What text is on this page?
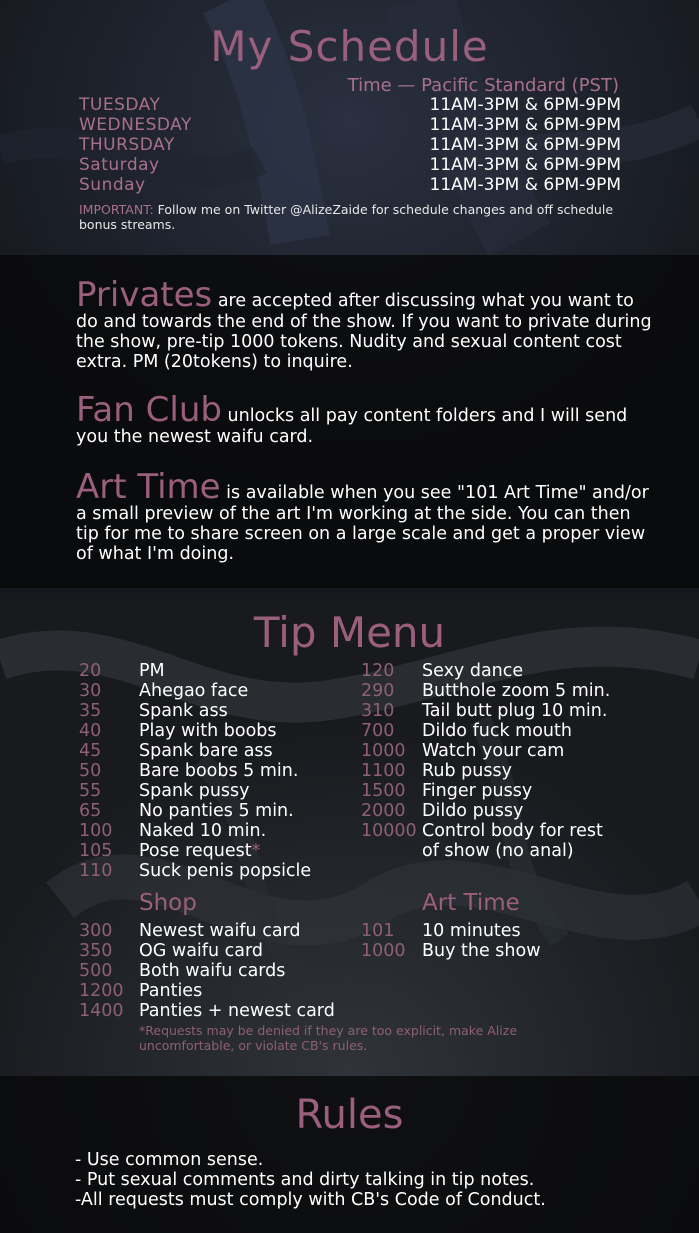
My Schedule
Time — Pacific Standard (PST)
TUESDAY	11AM-3PM & 6PM-9PM
WEDNESDAY	11AM-3PM & 6PM-9PM
THURSDAY	11AM-3PM & 6PM-9PM
Saturday	11AM-3PM & 6PM-9PM
Sunday	11AM-3PM & 6PM-9PM
IMPORTANT: Follow me on Twitter @AlizeZaide for schedule changes and off schedule bonus streams.
Privates are accepted after discussing what you want to do and towards the end of the show. If you want to private during the show, pre-tip 1000 tokens. Nudity and sexual content cost extra. PM (20tokens) to inquire.
Fan Club unlocks all pay content folders and I will send you the newest waifu card.
Art Time is available when you see "101 Art Time" and/or a small preview of the art I'm working at the side. You can then tip for me to share screen on a large scale and get a proper view of what I'm doing.
Tip Menu
20 PM
30 Ahegao face
35 Spank ass
40 Play with boobs
45 Spank bare ass
50 Bare boobs 5 min.
55 Spank pussy
65 No panties 5 min.
100 Naked 10 min.
105 Pose request*
110 Suck penis popsicle
120 Sexy dance
290 Butthole zoom 5 min.
310 Tail butt plug 10 min.
700 Dildo fuck mouth
1000 Watch your cam
1100 Rub pussy
1500 Finger pussy
2000 Dildo pussy
10000 Control body for rest
of show (no anal)
Shop	Art Time
300 Newest waifu card
350 OG waifu card
500 Both waifu cards
1200 Panties
1400 Panties + newest card
101 10 minutes
1000 Buy the show
*Requests may be denied if they are too explicit, make Alize uncomfortable, or violate CB's rules.
Rules
- Use common sense.
- Put sexual comments and dirty talking in tip notes.
-All requests must comply with CB's Code of Conduct.
